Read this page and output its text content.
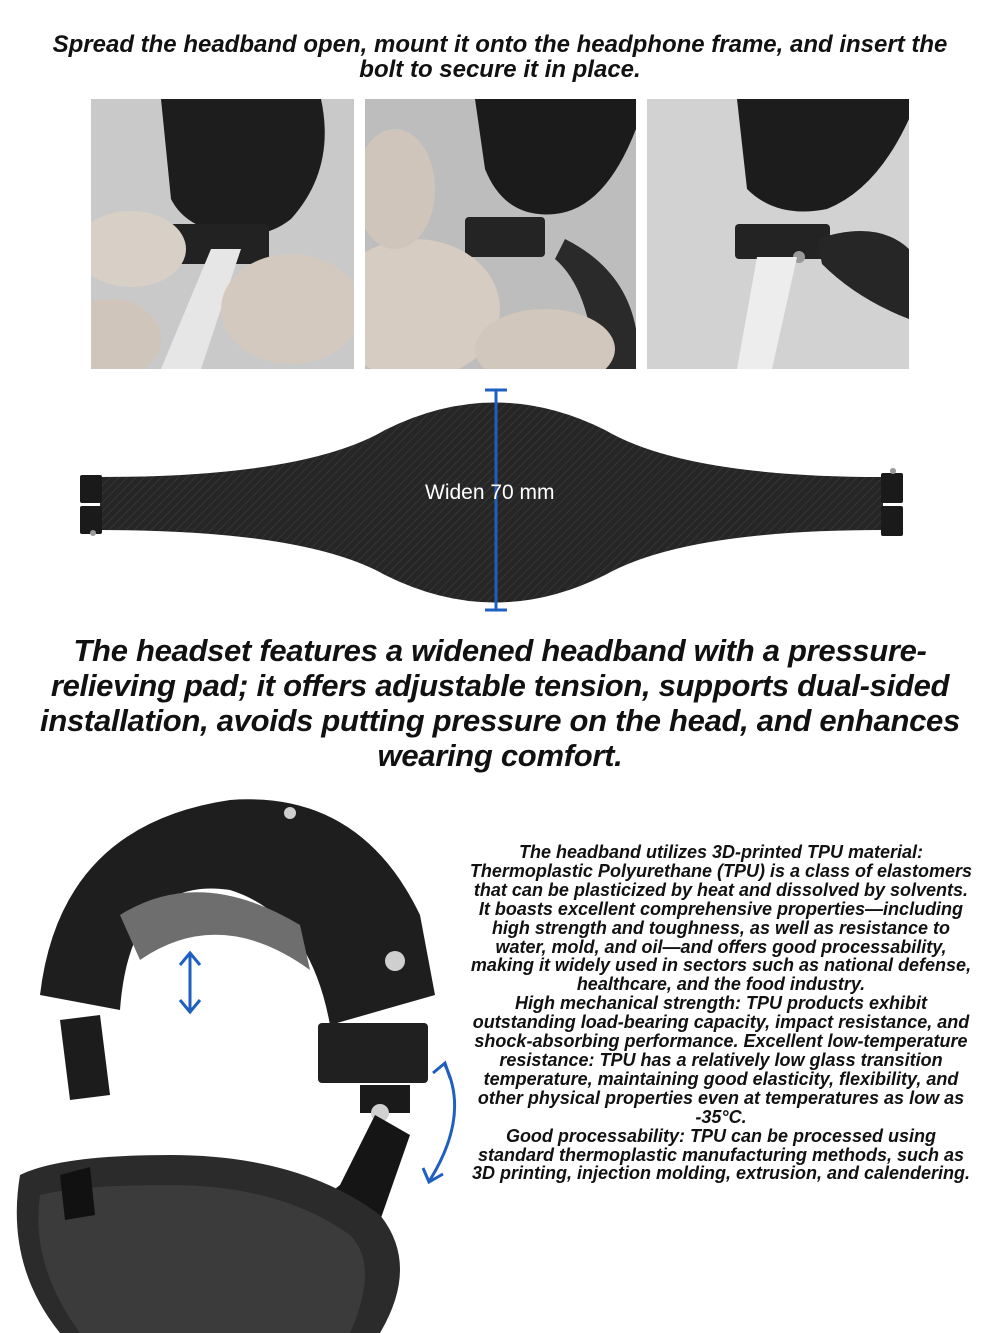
Spread the headband open, mount it onto the headphone frame, and insert the bolt to secure it in place.
Widen 70 mm

The headset features a widened headband with a pressure-relieving pad; it offers adjustable tension, supports dual-sided installation, avoids putting pressure on the head, and enhances wearing comfort.

The headband utilizes 3D-printed TPU material:

Thermoplastic Polyurethane (TPU) is a class of elastomers that can be plasticized by heat and dissolved by solvents. It boasts excellent comprehensive properties—including high strength and toughness, as well as resistance to water, mold, and oil—and offers good processability, making it widely used in sectors such as national defense, healthcare, and the food industry.

High mechanical strength: TPU products exhibit outstanding load-bearing capacity, impact resistance, and shock-absorbing performance. Excellent low-temperature resistance: TPU has a relatively low glass transition temperature, maintaining good elasticity, flexibility, and other physical properties even at temperatures as low as -35°C.

Good processability: TPU can be processed using standard thermoplastic manufacturing methods, such as 3D printing, injection molding, extrusion, and calendering.
